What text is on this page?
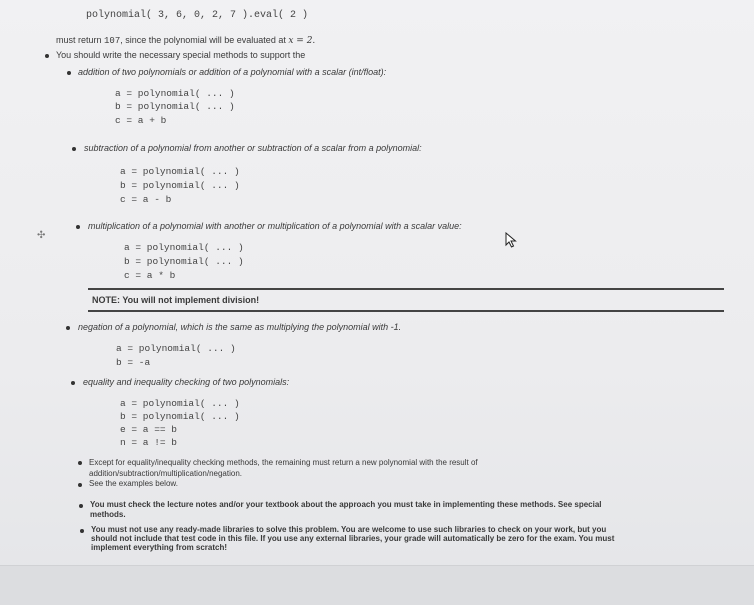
polynomial( 3, 6, 0, 2, 7 ).eval( 2 )
must return 107, since the polynomial will be evaluated at x = 2.
You should write the necessary special methods to support the
addition of two polynomials or addition of a polynomial with a scalar (int/float):
a = polynomial( ... )
b = polynomial( ... )
c = a + b
subtraction of a polynomial from another or subtraction of a scalar from a polynomial:
a = polynomial( ... )
b = polynomial( ... )
c = a - b
multiplication of a polynomial with another or multiplication of a polynomial with a scalar value:
a = polynomial( ... )
b = polynomial( ... )
c = a * b
✣
NOTE: You will not implement division!
negation of a polynomial, which is the same as multiplying the polynomial with -1.
a = polynomial( ... )
b = -a
equality and inequality checking of two polynomials:
a = polynomial( ... )
b = polynomial( ... )
e = a == b
n = a != b
Except for equality/inequality checking methods, the remaining must return a new polynomial with the result of
addition/subtraction/multiplication/negation.
See the examples below.
You must check the lecture notes and/or your textbook about the approach you must take in implementing these methods. See special
methods.
You must not use any ready-made libraries to solve this problem. You are welcome to use such libraries to check on your work, but you
should not include that test code in this file. If you use any external libraries, your grade will automatically be zero for the exam. You must
implement everything from scratch!
